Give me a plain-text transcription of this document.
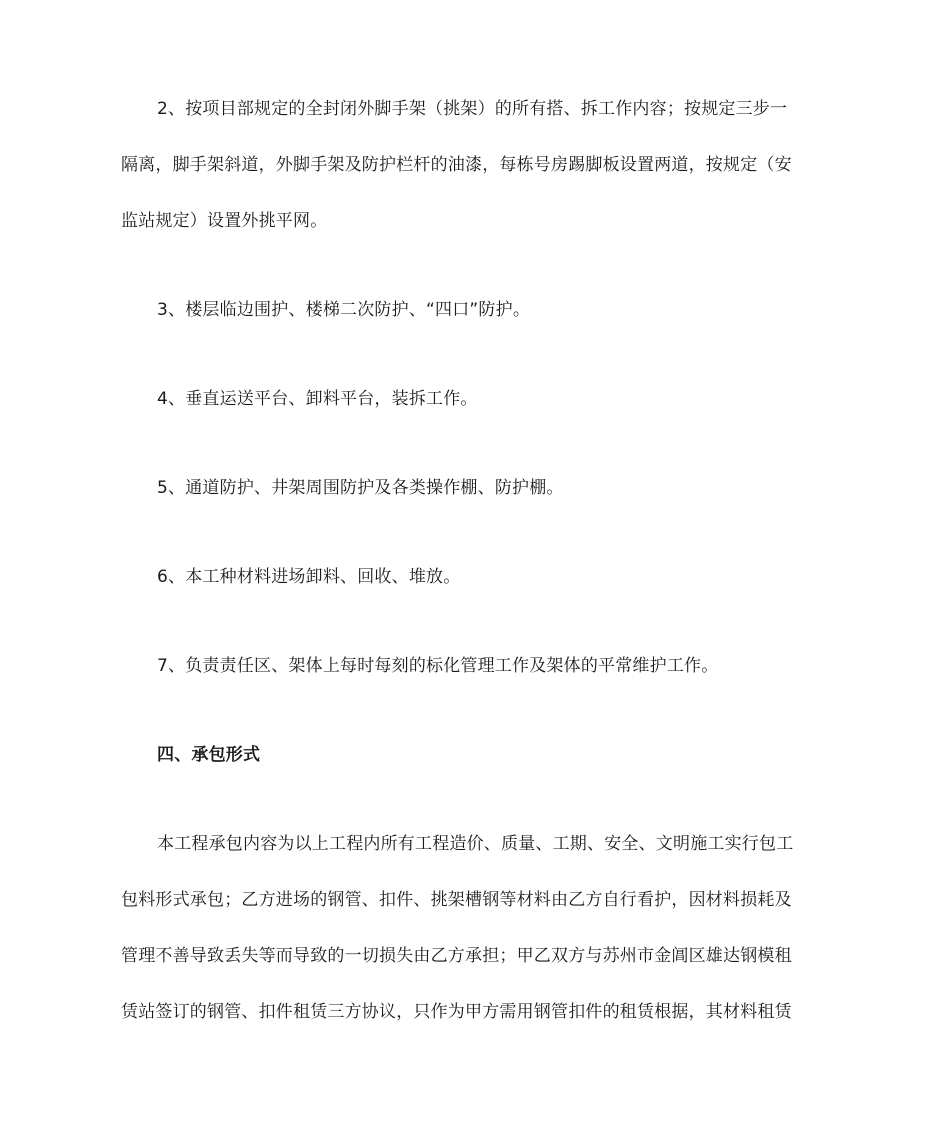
2、按项目部规定的全封闭外脚手架（挑架）的所有搭、拆工作内容；按规定三步一
隔离，脚手架斜道，外脚手架及防护栏杆的油漆，每栋号房踢脚板设置两道，按规定（安
监站规定）设置外挑平网。
3、楼层临边围护、楼梯二次防护、“四口”防护。
4、垂直运送平台、卸料平台，装拆工作。
5、通道防护、井架周围防护及各类操作棚、防护棚。
6、本工种材料进场卸料、回收、堆放。
7、负责责任区、架体上每时每刻的标化管理工作及架体的平常维护工作。
四、承包形式
本工程承包内容为以上工程内所有工程造价、质量、工期、安全、文明施工实行包工
包料形式承包；乙方进场的钢管、扣件、挑架槽钢等材料由乙方自行看护，因材料损耗及
管理不善导致丢失等而导致的一切损失由乙方承担；甲乙双方与苏州市金阊区雄达钢模租
赁站签订的钢管、扣件租赁三方协议，只作为甲方需用钢管扣件的租赁根据，其材料租赁
